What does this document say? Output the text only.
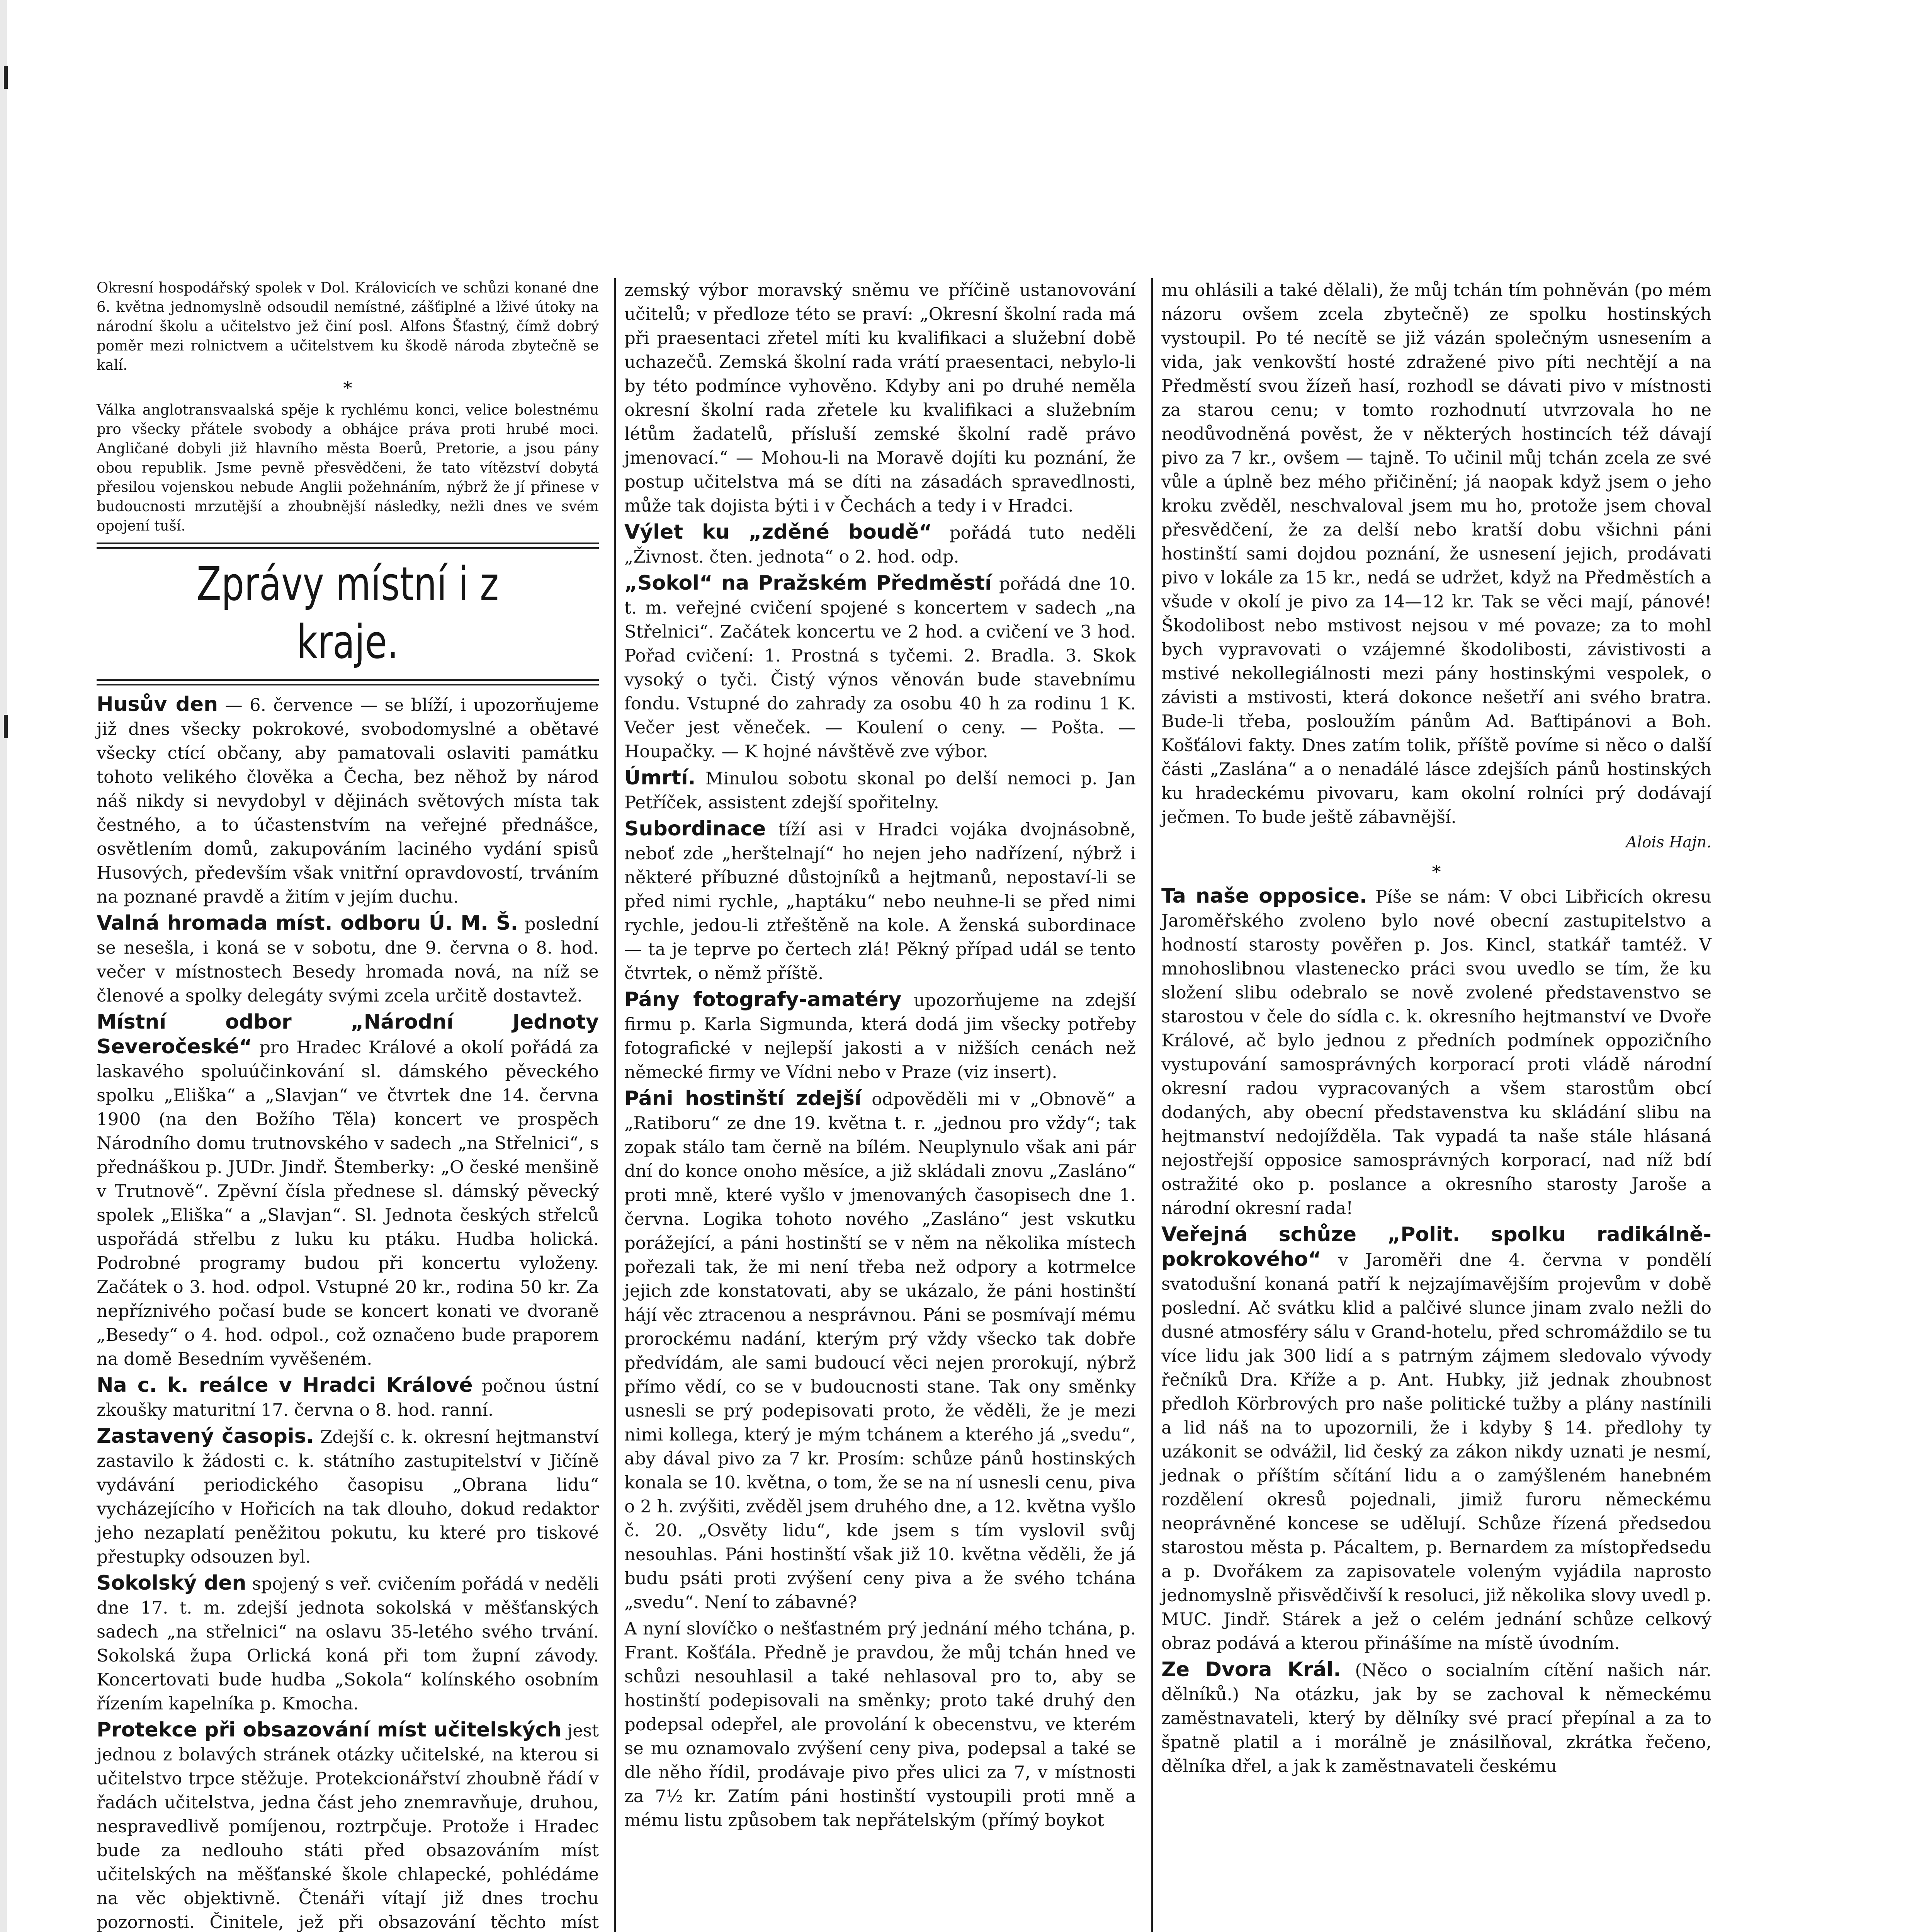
Okresní hospodářský spolek v Dol. Královicích ve schůzi konané dne 6. května jednomyslně odsoudil nemístné, zášťiplné a lživé útoky na národní školu a učitelstvo jež činí posl. Alfons Šťastný, čímž dobrý poměr mezi rolnictvem a učitelstvem ku škodě národa zbytečně se kalí.

*

Válka anglotransvaalská spěje k rychlému konci, velice bolestnému pro všecky přátele svobody a obhájce práva proti hrubé moci. Angličané dobyli již hlavního města Boerů, Pretorie, a jsou pány obou republik. Jsme pevně přesvědčeni, že tato vítězství dobytá přesilou vojenskou nebude Anglii požehnáním, nýbrž že jí přinese v budoucnosti mrzutější a zhoubnější následky, nežli dnes ve svém opojení tuší.

Zprávy místní i z kraje.

Husův den — 6. července — se blíží, i upozorňujeme již dnes všecky pokrokové, svobodomyslné a obětavé všecky ctící občany, aby pamatovali oslaviti památku tohoto velikého člověka a Čecha, bez něhož by národ náš nikdy si nevydobyl v dějinách světových místa tak čestného, a to účastenstvím na veřejné přednášce, osvětlením domů, zakupováním laciného vydání spisů Husových, především však vnitřní opravdovostí, trváním na poznané pravdě a žitím v jejím duchu.

Valná hromada míst. odboru Ú. M. Š. poslední se nesešla, i koná se v sobotu, dne 9. června o 8. hod. večer v místnostech Besedy hromada nová, na níž se členové a spolky delegáty svými zcela určitě dostavtež.

Místní odbor „Národní Jednoty Severočeské“ pro Hradec Králové a okolí pořádá za laskavého spoluúčinkování sl. dámského pěveckého spolku „Eliška“ a „Slavjan“ ve čtvrtek dne 14. června 1900 (na den Božího Těla) koncert ve prospěch Národního domu trutnovského v sadech „na Střelnici“, s přednáškou p. JUDr. Jindř. Štemberky: „O české menšině v Trutnově“. Zpěvní čísla přednese sl. dámský pěvecký spolek „Eliška“ a „Slavjan“. Sl. Jednota českých střelců uspořádá střelbu z luku ku ptáku. Hudba holická. Podrobné programy budou při koncertu vyloženy. Začátek o 3. hod. odpol. Vstupné 20 kr., rodina 50 kr. Za nepříznivého počasí bude se koncert konati ve dvoraně „Besedy“ o 4. hod. odpol., což označeno bude praporem na domě Besedním vyvěšeném.

Na c. k. reálce v Hradci Králové počnou ústní zkoušky maturitní 17. června o 8. hod. ranní.

Zastavený časopis. Zdejší c. k. okresní hejtmanství zastavilo k žádosti c. k. státního zastupitelství v Jičíně vydávání periodického časopisu „Obrana lidu“ vycházejícího v Hořicích na tak dlouho, dokud redaktor jeho nezaplatí peněžitou pokutu, ku které pro tiskové přestupky odsouzen byl.

Sokolský den spojený s veř. cvičením pořádá v neděli dne 17. t. m. zdejší jednota sokolská v měšťanských sadech „na střelnici“ na oslavu 35-letého svého trvání. Sokolská župa Orlická koná při tom župní závody. Koncertovati bude hudba „Sokola“ kolínského osobním řízením kapelníka p. Kmocha.

Protekce při obsazování míst učitelských jest jednou z bolavých stránek otázky učitelské, na kterou si učitelstvo trpce stěžuje. Protekcionářství zhoubně řádí v řadách učitelstva, jedna část jeho znemravňuje, druhou, nespravedlivě pomíjenou, roztrpčuje. Protože i Hradec bude za nedlouho státi před obsazováním míst učitelských na měšťanské škole chlapecké, pohlédáme na věc objektivně. Čtenáři vítají již dnes trochu pozornosti. Činitele, jež při obsazování těchto míst

zemský výbor moravský sněmu ve příčině ustanovování učitelů; v předloze této se praví: „Okresní školní rada má při praesentaci zřetel míti ku kvalifikaci a služební době uchazečů. Zemská školní rada vrátí praesentaci, nebylo-li by této podmínce vyhověno. Kdyby ani po druhé neměla okresní školní rada zřetele ku kvalifikaci a služebním létům žadatelů, přísluší zemské školní radě právo jmenovací.“ — Mohou-li na Moravě dojíti ku poznání, že postup učitelstva má se díti na zásadách spravedlnosti, může tak dojista býti i v Čechách a tedy i v Hradci.

Výlet ku „zděné boudě“ pořádá tuto neděli „Živnost. čten. jednota“ o 2. hod. odp.

„Sokol“ na Pražském Předměstí pořádá dne 10. t. m. veřejné cvičení spojené s koncertem v sadech „na Střelnici“. Začátek koncertu ve 2 hod. a cvičení ve 3 hod. Pořad cvičení: 1. Prostná s tyčemi. 2. Bradla. 3. Skok vysoký o tyči. Čistý výnos věnován bude stavebnímu fondu. Vstupné do zahrady za osobu 40 h za rodinu 1 K. Večer jest věneček. — Koulení o ceny. — Pošta. — Houpačky. — K hojné návštěvě zve výbor.

Úmrtí. Minulou sobotu skonal po delší nemoci p. Jan Petříček, assistent zdejší spořitelny.

Subordinace tíží asi v Hradci vojáka dvojnásobně, neboť zde „herštelnají“ ho nejen jeho nadřízení, nýbrž i některé příbuzné důstojníků a hejtmanů, nepostaví-li se před nimi rychle, „haptáku“ nebo neuhne-li se před nimi rychle, jedou-li ztřeštěně na kole. A ženská subordinace — ta je teprve po čertech zlá! Pěkný případ udál se tento čtvrtek, o němž příště.

Pány fotografy-amatéry upozorňujeme na zdejší firmu p. Karla Sigmunda, která dodá jim všecky potřeby fotografické v nejlepší jakosti a v nižších cenách než německé firmy ve Vídni nebo v Praze (viz insert).

Páni hostinští zdejší odpověděli mi v „Obnově“ a „Ratiboru“ ze dne 19. května t. r. „jednou pro vždy“; tak zopak stálo tam černě na bílém. Neuplynulo však ani pár dní do konce onoho měsíce, a již skládali znovu „Zasláno“ proti mně, které vyšlo v jmenovaných časopisech dne 1. června. Logika tohoto nového „Zasláno“ jest vskutku porážející, a páni hostinští se v něm na několika místech pořezali tak, že mi není třeba než odpory a kotrmelce jejich zde konstatovati, aby se ukázalo, že páni hostinští hájí věc ztracenou a nesprávnou. Páni se posmívají mému prorockému nadání, kterým prý vždy všecko tak dobře předvídám, ale sami budoucí věci nejen prorokují, nýbrž přímo vědí, co se v budoucnosti stane. Tak ony směnky usnesli se prý podepisovati proto, že věděli, že je mezi nimi kollega, který je mým tchánem a kterého já „svedu“, aby dával pivo za 7 kr. Prosím: schůze pánů hostinských konala se 10. května, o tom, že se na ní usnesli cenu, piva o 2 h. zvýšiti, zvěděl jsem druhého dne, a 12. května vyšlo č. 20. „Osvěty lidu“, kde jsem s tím vyslovil svůj nesouhlas. Páni hostinští však již 10. května věděli, že já budu psáti proti zvýšení ceny piva a že svého tchána „svedu“. Není to zábavné?

A nyní slovíčko o nešťastném prý jednání mého tchána, p. Frant. Košťála. Předně je pravdou, že můj tchán hned ve schůzi nesouhlasil a také nehlasoval pro to, aby se hostinští podepisovali na směnky; proto také druhý den podepsal odepřel, ale provolání k obecenstvu, ve kterém se mu oznamovalo zvýšení ceny piva, podepsal a také se dle něho řídil, prodávaje pivo přes ulici za 7, v místnosti za 7½ kr. Zatím páni hostinští vystoupili proti mně a mému listu způsobem tak nepřátelským (přímý boykot

mu ohlásili a také dělali), že můj tchán tím pohněván (po mém názoru ovšem zcela zbytečně) ze spolku hostinských vystoupil. Po té necítě se již vázán společným usnesením a vida, jak venkovští hosté zdražené pivo píti nechtějí a na Předměstí svou žízeň hasí, rozhodl se dávati pivo v místnosti za starou cenu; v tomto rozhodnutí utvrzovala ho ne neodůvodněná pověst, že v některých hostincích též dávají pivo za 7 kr., ovšem — tajně. To učinil můj tchán zcela ze své vůle a úplně bez mého přičinění; já naopak když jsem o jeho kroku zvěděl, neschvaloval jsem mu ho, protože jsem choval přesvědčení, že za delší nebo kratší dobu všichni páni hostinští sami dojdou poznání, že usnesení jejich, prodávati pivo v lokále za 15 kr., nedá se udržet, když na Předměstích a všude v okolí je pivo za 14—12 kr. Tak se věci mají, pánové! Škodolibost nebo mstivost nejsou v mé povaze; za to mohl bych vypravovati o vzájemné škodolibosti, závistivosti a mstivé nekollegiálnosti mezi pány hostinskými vespolek, o závisti a mstivosti, která dokonce nešetří ani svého bratra. Bude-li třeba, posloužím pánům Ad. Baťtipánovi a Boh. Košťálovi fakty. Dnes zatím tolik, příště povíme si něco o další části „Zaslána“ a o nenadálé lásce zdejších pánů hostinských ku hradeckému pivovaru, kam okolní rolníci prý dodávají ječmen. To bude ještě zábavnější.

Alois Hajn.
*

Ta naše opposice. Píše se nám: V obci Libřicích okresu Jaroměřského zvoleno bylo nové obecní zastupitelstvo a hodností starosty pověřen p. Jos. Kincl, statkář tamtéž. V mnohoslibnou vlastenecko práci svou uvedlo se tím, že ku složení slibu odebralo se nově zvolené představenstvo se starostou v čele do sídla c. k. okresního hejtmanství ve Dvoře Králové, ač bylo jednou z předních podmínek oppozičního vystupování samosprávných korporací proti vládě národní okresní radou vypracovaných a všem starostům obcí dodaných, aby obecní představenstva ku skládání slibu na hejtmanství nedojížděla. Tak vypadá ta naše stále hlásaná nejostřejší opposice samosprávných korporací, nad níž bdí ostražité oko p. poslance a okresního starosty Jaroše a národní okresní rada!

Veřejná schůze „Polit. spolku radikálně-pokrokového“ v Jaroměři dne 4. června v pondělí svatodušní konaná patří k nejzajímavějším projevům v době poslední. Ač svátku klid a palčivé slunce jinam zvalo nežli do dusné atmosféry sálu v Grand-hotelu, před schromáždilo se tu více lidu jak 300 lidí a s patrným zájmem sledovalo vývody řečníků Dra. Kříže a p. Ant. Hubky, již jednak zhoubnost předloh Körbrových pro naše politické tužby a plány nastínili a lid náš na to upozornili, že i kdyby § 14. předlohy ty uzákonit se odvážil, lid český za zákon nikdy uznati je nesmí, jednak o příštím sčítání lidu a o zamýšleném hanebném rozdělení okresů pojednali, jimiž furoru německému neoprávněné koncese se udělují. Schůze řízená předsedou starostou města p. Pácaltem, p. Bernardem za místopředsedu a p. Dvořákem za zapisovatele voleným vyjádila naprosto jednomyslně přisvědčivší k resoluci, již několika slovy uvedl p. MUC. Jindř. Stárek a jež o celém jednání schůze celkový obraz podává a kterou přinášíme na místě úvodním.

Ze Dvora Král. (Něco o socialním cítění našich nár. dělníků.) Na otázku, jak by se zachoval k německému zaměstnavateli, který by dělníky své prací přepínal a za to špatně platil a i morálně je znásilňoval, zkrátka řečeno, dělníka dřel, a jak k zaměstnavateli českému
